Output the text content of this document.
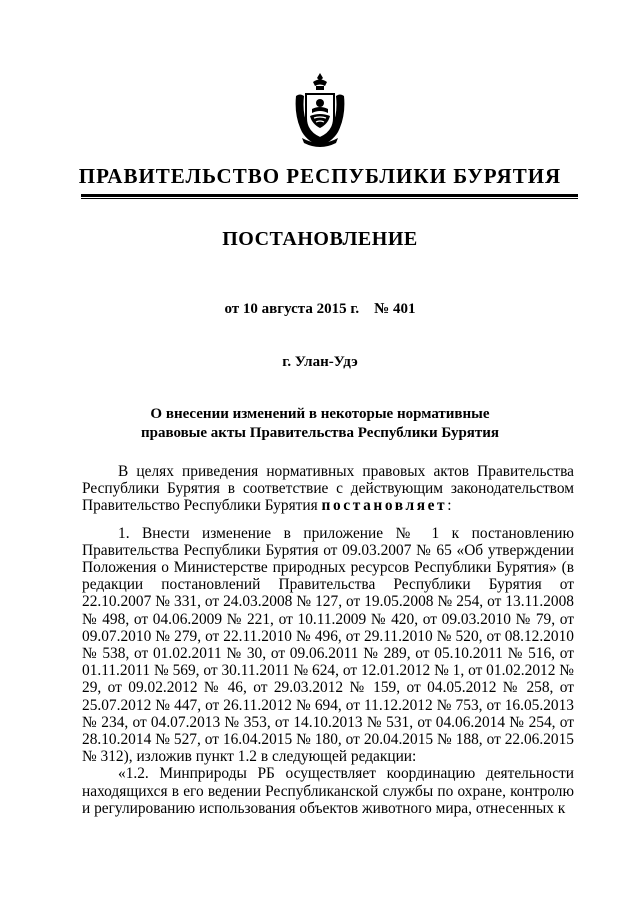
ПРАВИТЕЛЬСТВО РЕСПУБЛИКИ БУРЯТИЯ
ПОСТАНОВЛЕНИЕ
от 10 августа 2015 г.    № 401
г. Улан-Удэ
О внесении изменений в некоторые нормативные
правовые акты Правительства Республики Бурятия

В целях приведения нормативных правовых актов Правительства Республики Бурятия в соответствие с действующим законодательством Правительство Республики Бурятия постановляет:

1. Внести изменение в приложение № 1 к постановлению Правительства Республики Бурятия от 09.03.2007 № 65 «Об утверждении Положения о Министерстве природных ресурсов Республики Бурятия» (в редакции постановлений Правительства Республики Бурятия от 22.10.2007 № 331, от 24.03.2008 № 127, от 19.05.2008 № 254, от 13.11.2008 № 498, от 04.06.2009 № 221, от 10.11.2009 № 420, от 09.03.2010 № 79, от 09.07.2010 № 279, от 22.11.2010 № 496, от 29.11.2010 № 520, от 08.12.2010 № 538, от 01.02.2011 № 30, от 09.06.2011 № 289, от 05.10.2011 № 516, от 01.11.2011 № 569, от 30.11.2011 № 624, от 12.01.2012 № 1, от 01.02.2012 № 29, от 09.02.2012 № 46, от 29.03.2012 № 159, от 04.05.2012 № 258, от 25.07.2012 № 447, от 26.11.2012 № 694, от 11.12.2012 № 753, от 16.05.2013 № 234, от 04.07.2013 № 353, от 14.10.2013 № 531, от 04.06.2014 № 254, от 28.10.2014 № 527, от 16.04.2015 № 180, от 20.04.2015 № 188, от 22.06.2015 № 312), изложив пункт 1.2 в следующей редакции:

«1.2. Минприроды РБ осуществляет координацию деятельности находящихся в его ведении Республиканской службы по охране, контролю и регулированию использования объектов животного мира, отнесенных к
